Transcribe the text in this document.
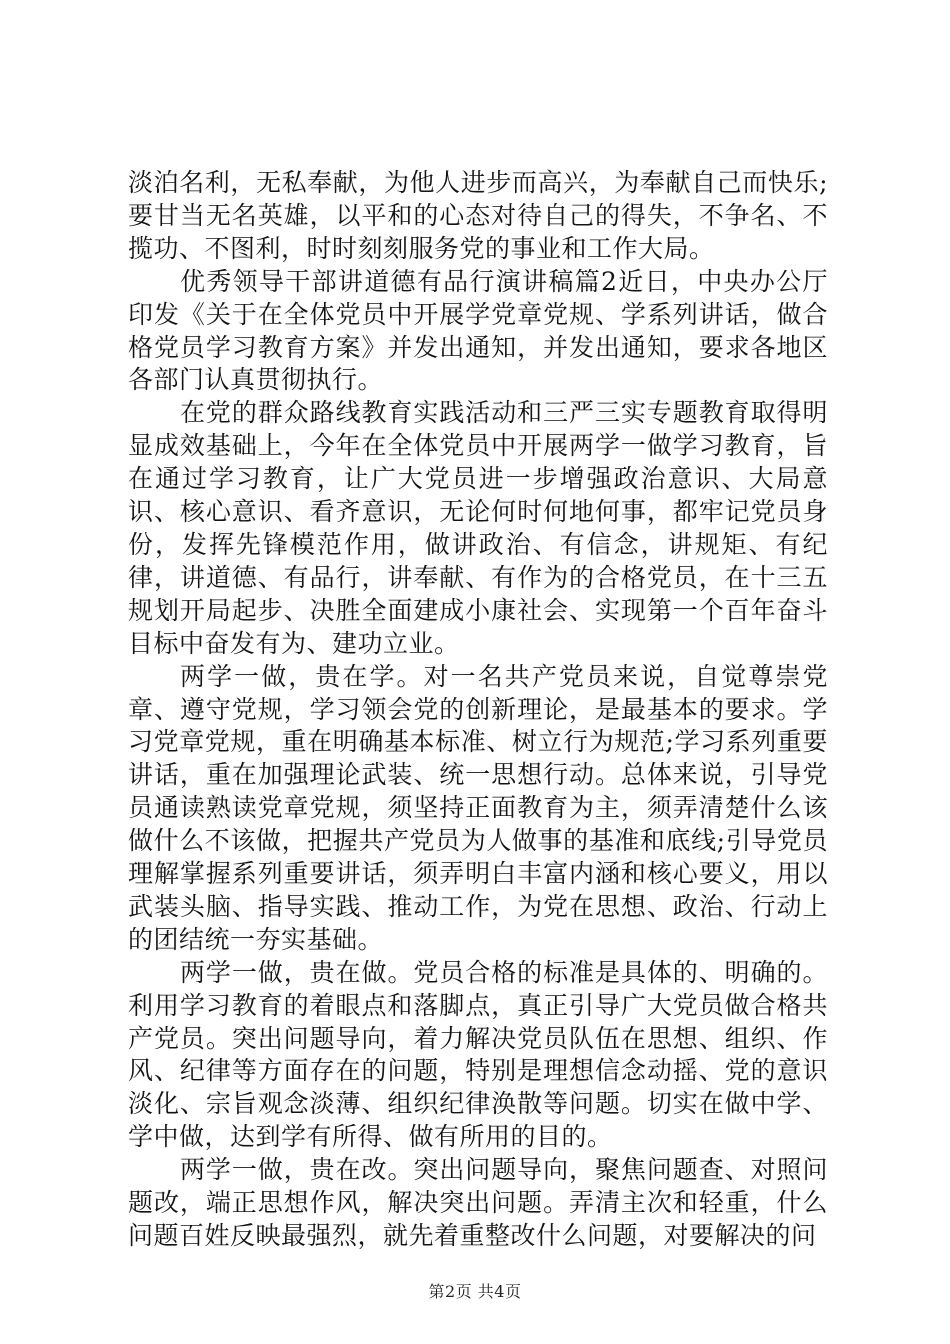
淡泊名利，无私奉献，为他人进步而高兴，为奉献自己而快乐;要甘当无名英雄，以平和的心态对待自己的得失，不争名、不揽功、不图利，时时刻刻服务党的事业和工作大局。

优秀领导干部讲道德有品行演讲稿篇2近日，中央办公厅印发《关于在全体党员中开展学党章党规、学系列讲话，做合格党员学习教育方案》并发出通知，并发出通知，要求各地区各部门认真贯彻执行。

在党的群众路线教育实践活动和三严三实专题教育取得明显成效基础上，今年在全体党员中开展两学一做学习教育，旨在通过学习教育，让广大党员进一步增强政治意识、大局意识、核心意识、看齐意识，无论何时何地何事，都牢记党员身份，发挥先锋模范作用，做讲政治、有信念，讲规矩、有纪律，讲道德、有品行，讲奉献、有作为的合格党员，在十三五规划开局起步、决胜全面建成小康社会、实现第一个百年奋斗目标中奋发有为、建功立业。

两学一做，贵在学。对一名共产党员来说，自觉尊崇党章、遵守党规，学习领会党的创新理论，是最基本的要求。学习党章党规，重在明确基本标准、树立行为规范;学习系列重要讲话，重在加强理论武装、统一思想行动。总体来说，引导党员通读熟读党章党规，须坚持正面教育为主，须弄清楚什么该做什么不该做，把握共产党员为人做事的基准和底线;引导党员理解掌握系列重要讲话，须弄明白丰富内涵和核心要义，用以武装头脑、指导实践、推动工作，为党在思想、政治、行动上的团结统一夯实基础。

两学一做，贵在做。党员合格的标准是具体的、明确的。利用学习教育的着眼点和落脚点，真正引导广大党员做合格共产党员。突出问题导向，着力解决党员队伍在思想、组织、作风、纪律等方面存在的问题，特别是理想信念动摇、党的意识淡化、宗旨观念淡薄、组织纪律涣散等问题。切实在做中学、学中做，达到学有所得、做有所用的目的。

两学一做，贵在改。突出问题导向，聚焦问题查、对照问题改，端正思想作风，解决突出问题。弄清主次和轻重，什么问题百姓反映最强烈，就先着重整改什么问题，对要解决的问

第2页 共4页
